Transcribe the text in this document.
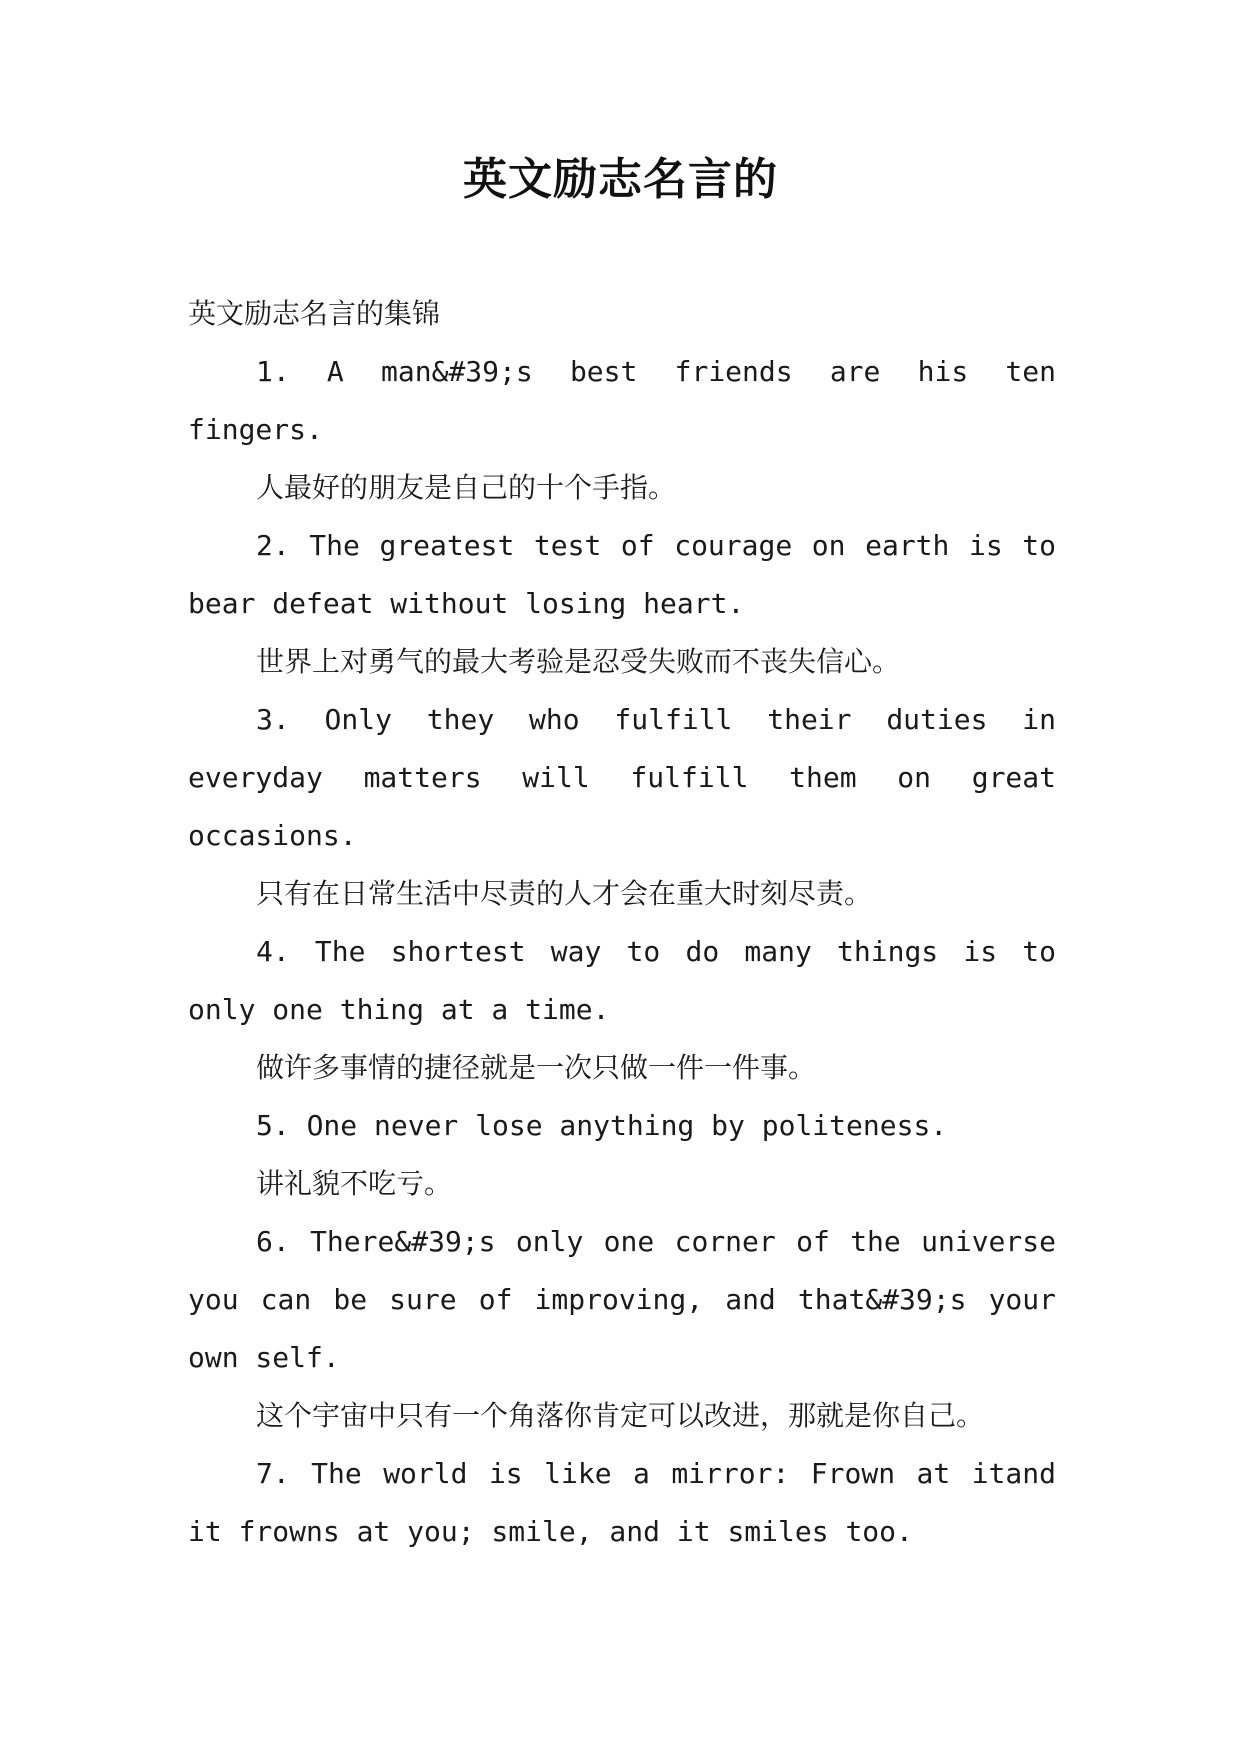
英文励志名言的

英文励志名言的集锦

1. A man&#39;s best friends are his ten fingers.

人最好的朋友是自己的十个手指。

2. The greatest test of courage on earth is to bear defeat without losing heart.

世界上对勇气的最大考验是忍受失败而不丧失信心。

3. Only they who fulfill their duties in everyday matters will fulfill them on great occasions.

只有在日常生活中尽责的人才会在重大时刻尽责。

4. The shortest way to do many things is to only one thing at a time.

做许多事情的捷径就是一次只做一件一件事。

5. One never lose anything by politeness.

讲礼貌不吃亏。

6. There&#39;s only one corner of the universe you can be sure of improving, and that&#39;s your own self.

这个宇宙中只有一个角落你肯定可以改进，那就是你自己。

7. The world is like a mirror: Frown at itand it frowns at you; smile, and it smiles too.
